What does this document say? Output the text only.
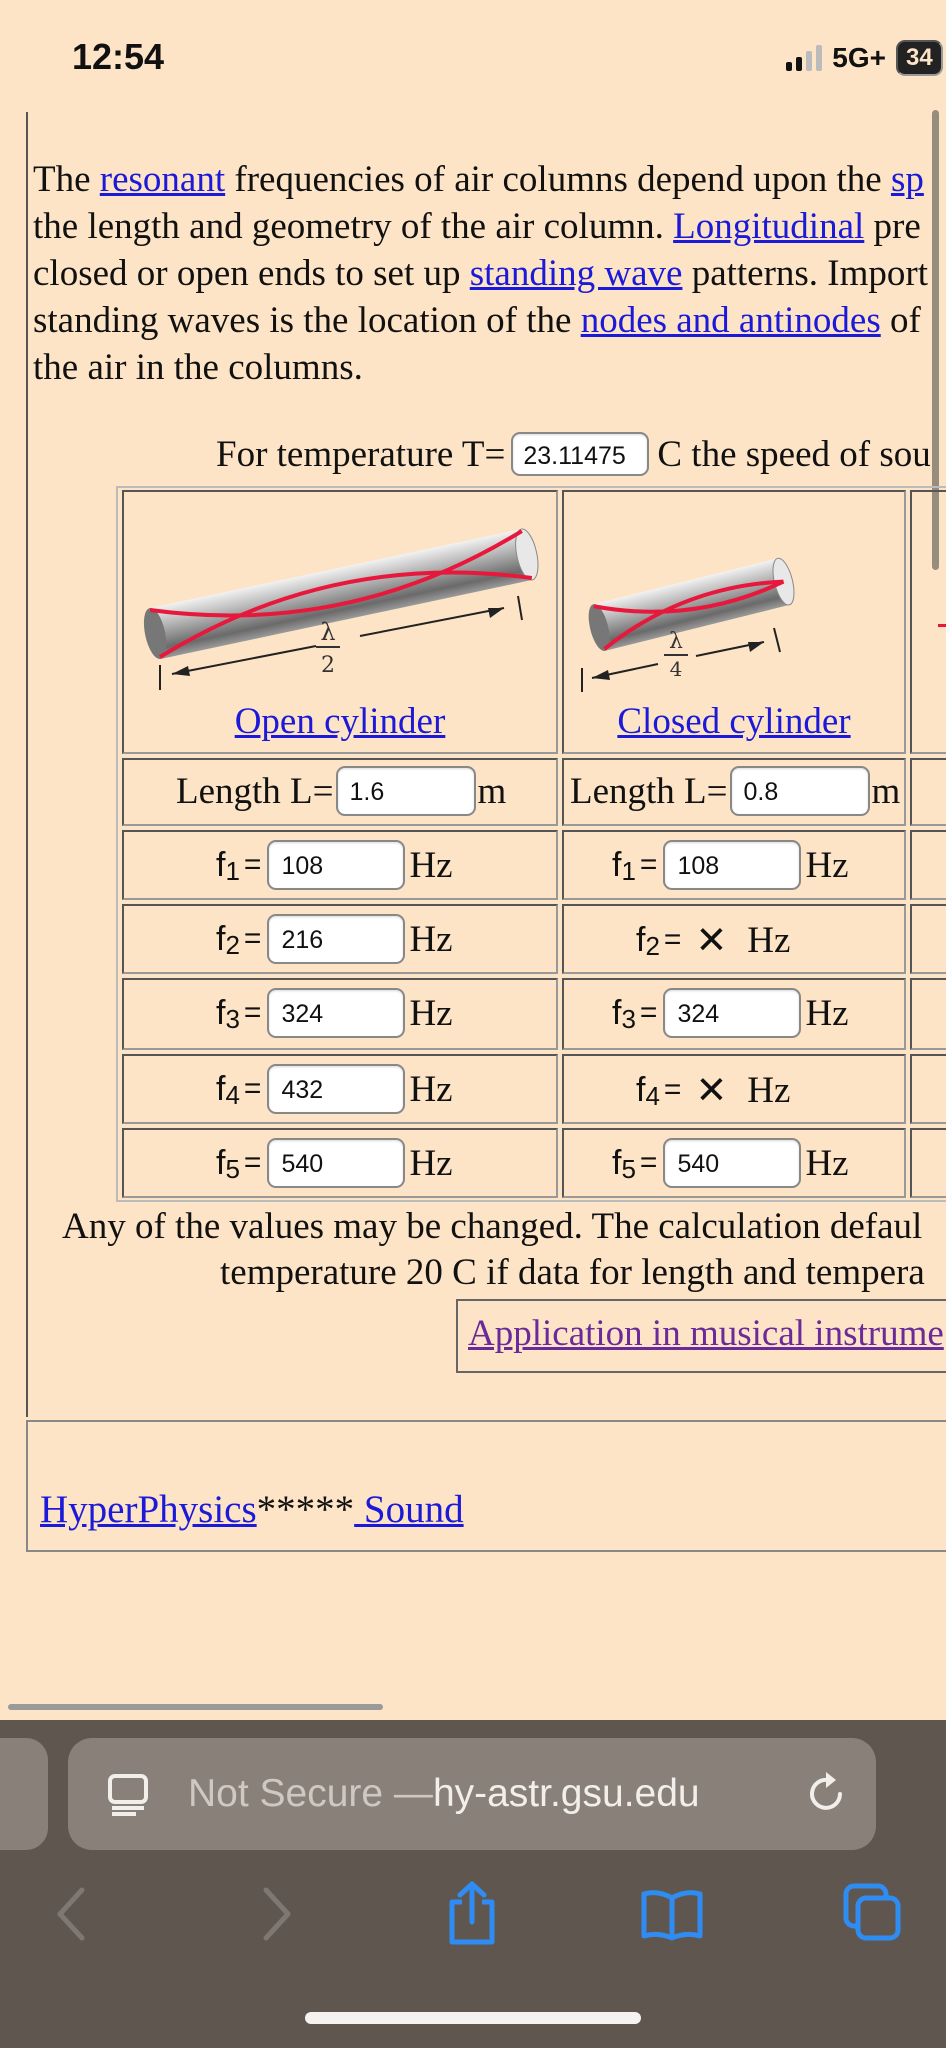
12:54	5G+ 34
The resonant frequencies of air columns depend upon the sp
the length and geometry of the air column. Longitudinal pre
closed or open ends to set up standing wave patterns. Import
standing waves is the location of the nodes and antinodes of
the air in the columns.
For temperature T= 23.11475 C the speed of sou
λ
2
Open cylinder
λ
4
Closed cylinder
Length L= 1.6	m Length L= 0.8	m
$f_1 = 108$	Hz	$f_1 = 108$	Hz
$f_2 = 216$	Hz	$f_2$ = ✕ Hz
$f_3 = 324$	Hz	$f_3 = 324$	Hz
$f_4 = 432$	Hz	$f_4$ = ✕ Hz
$f_5 = 540$	Hz	$f_5 = 540$	Hz
Any of the values may be changed. The calculation defaul
temperature 20 C if data for length and tempera
Application in musical instrume
HyperPhysics***** Sound
Not Secure — hy-astr.gsu.edu
